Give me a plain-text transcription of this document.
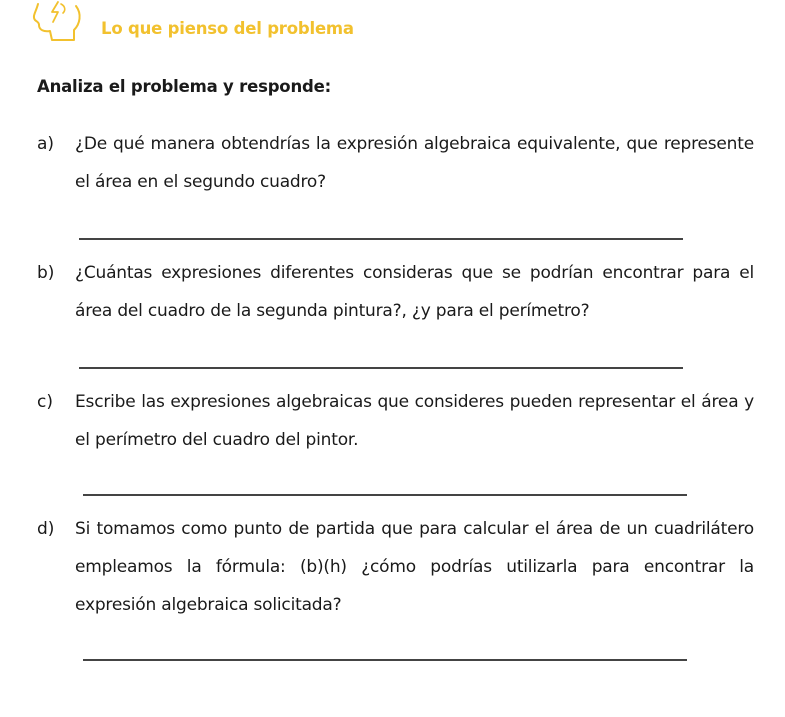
Lo que pienso del problema
Analiza el problema y responde:
a) ¿De qué manera obtendrías la expresión algebraica equivalente, que represente el área en el segundo cuadro?
b) ¿Cuántas expresiones diferentes consideras que se podrían encontrar para el área del cuadro de la segunda pintura?, ¿y para el perímetro?
c) Escribe las expresiones algebraicas que consideres pueden representar el área y el perímetro del cuadro del pintor.
d) Si tomamos como punto de partida que para calcular el área de un cuadrilátero empleamos la fórmula: (b)(h) ¿cómo podrías utilizarla para encontrar la expresión algebraica solicitada?
